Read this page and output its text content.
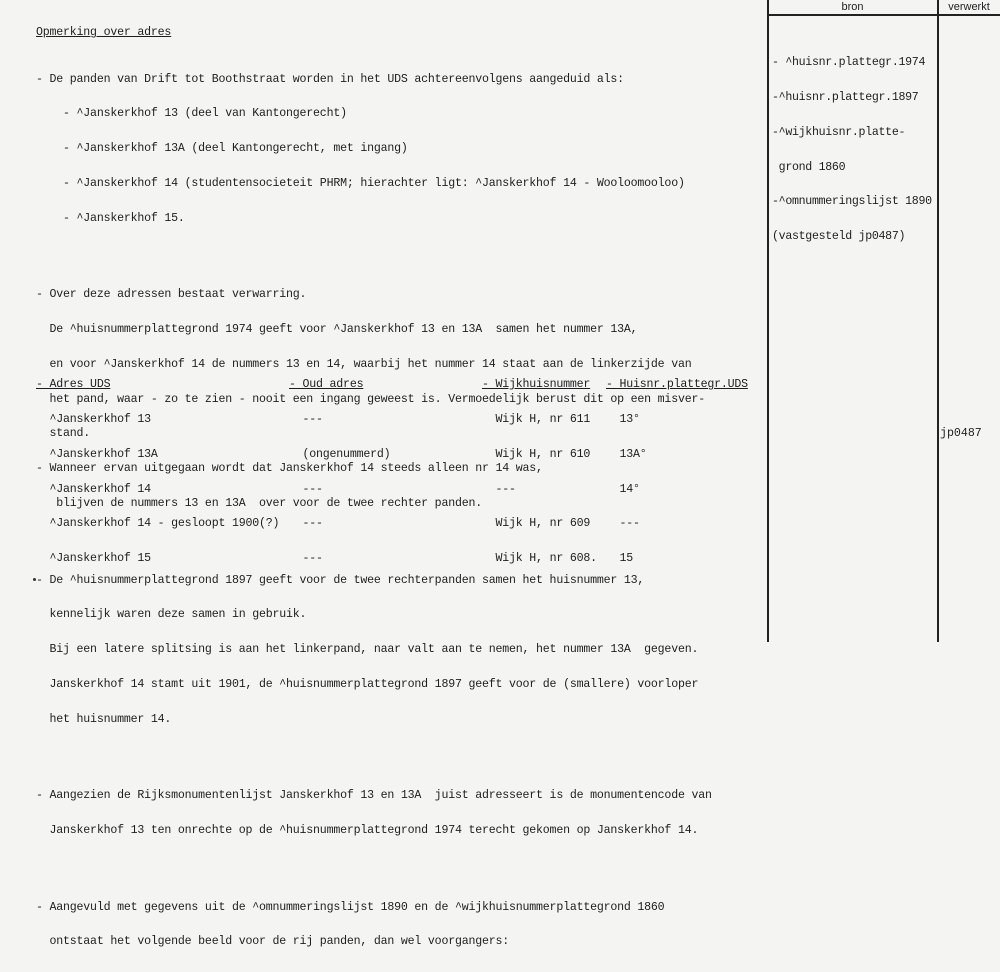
bron	verwerkt

Opmerking over adres

- De panden van Drift tot Boothstraat worden in het UDS achtereenvolgens aangeduid als:

- ^Janskerkhof 13 (deel van Kantongerecht)

- ^Janskerkhof 13A (deel Kantongerecht, met ingang)

- ^Janskerkhof 14 (studentensocieteit PHRM; hierachter ligt: ^Janskerkhof 14 - Wooloomooloo)

- ^Janskerkhof 15.

- Over deze adressen bestaat verwarring.

De ^huisnummerplattegrond 1974 geeft voor ^Janskerkhof 13 en 13A  samen het nummer 13A,

en voor ^Janskerkhof 14 de nummers 13 en 14, waarbij het nummer 14 staat aan de linkerzijde van

het pand, waar - zo te zien - nooit een ingang geweest is. Vermoedelijk berust dit op een misver-

stand.

- Wanneer ervan uitgegaan wordt dat Janskerkhof 14 steeds alleen nr 14 was,

blijven de nummers 13 en 13A  over voor de twee rechter panden.

- De ^huisnummerplattegrond 1897 geeft voor de twee rechterpanden samen het huisnummer 13,

kennelijk waren deze samen in gebruik.

Bij een latere splitsing is aan het linkerpand, naar valt aan te nemen, het nummer 13A  gegeven.

Janskerkhof 14 stamt uit 1901, de ^huisnummerplattegrond 1897 geeft voor de (smallere) voorloper

het huisnummer 14.

- Aangezien de Rijksmonumentenlijst Janskerkhof 13 en 13A  juist adresseert is de monumentencode van

Janskerkhof 13 ten onrechte op de ^huisnummerplattegrond 1974 terecht gekomen op Janskerkhof 14.

- Aangevuld met gegevens uit de ^omnummeringslijst 1890 en de ^wijkhuisnummerplattegrond 1860

ontstaat het volgende beeld voor de rij panden, dan wel voorgangers:

- Adres UDS

^Janskerkhof 13

^Janskerkhof 13A

^Janskerkhof 14

^Janskerkhof 14 - gesloopt 1900(?)

^Janskerkhof 15

- Oud adres

---

(ongenummerd)

---

---

---

- Wijkhuisnummer

Wijk H, nr 611

Wijk H, nr 610

---

Wijk H, nr 609

Wijk H, nr 608.

- Huisnr.plattegr.UDS

13°

13A°

14°

---

15

- ^huisnr.plattegr.1974

-^huisnr.plattegr.1897

-^wijkhuisnr.platte-

grond 1860

-^omnummeringslijst 1890

(vastgesteld jp0487)

jp0487
